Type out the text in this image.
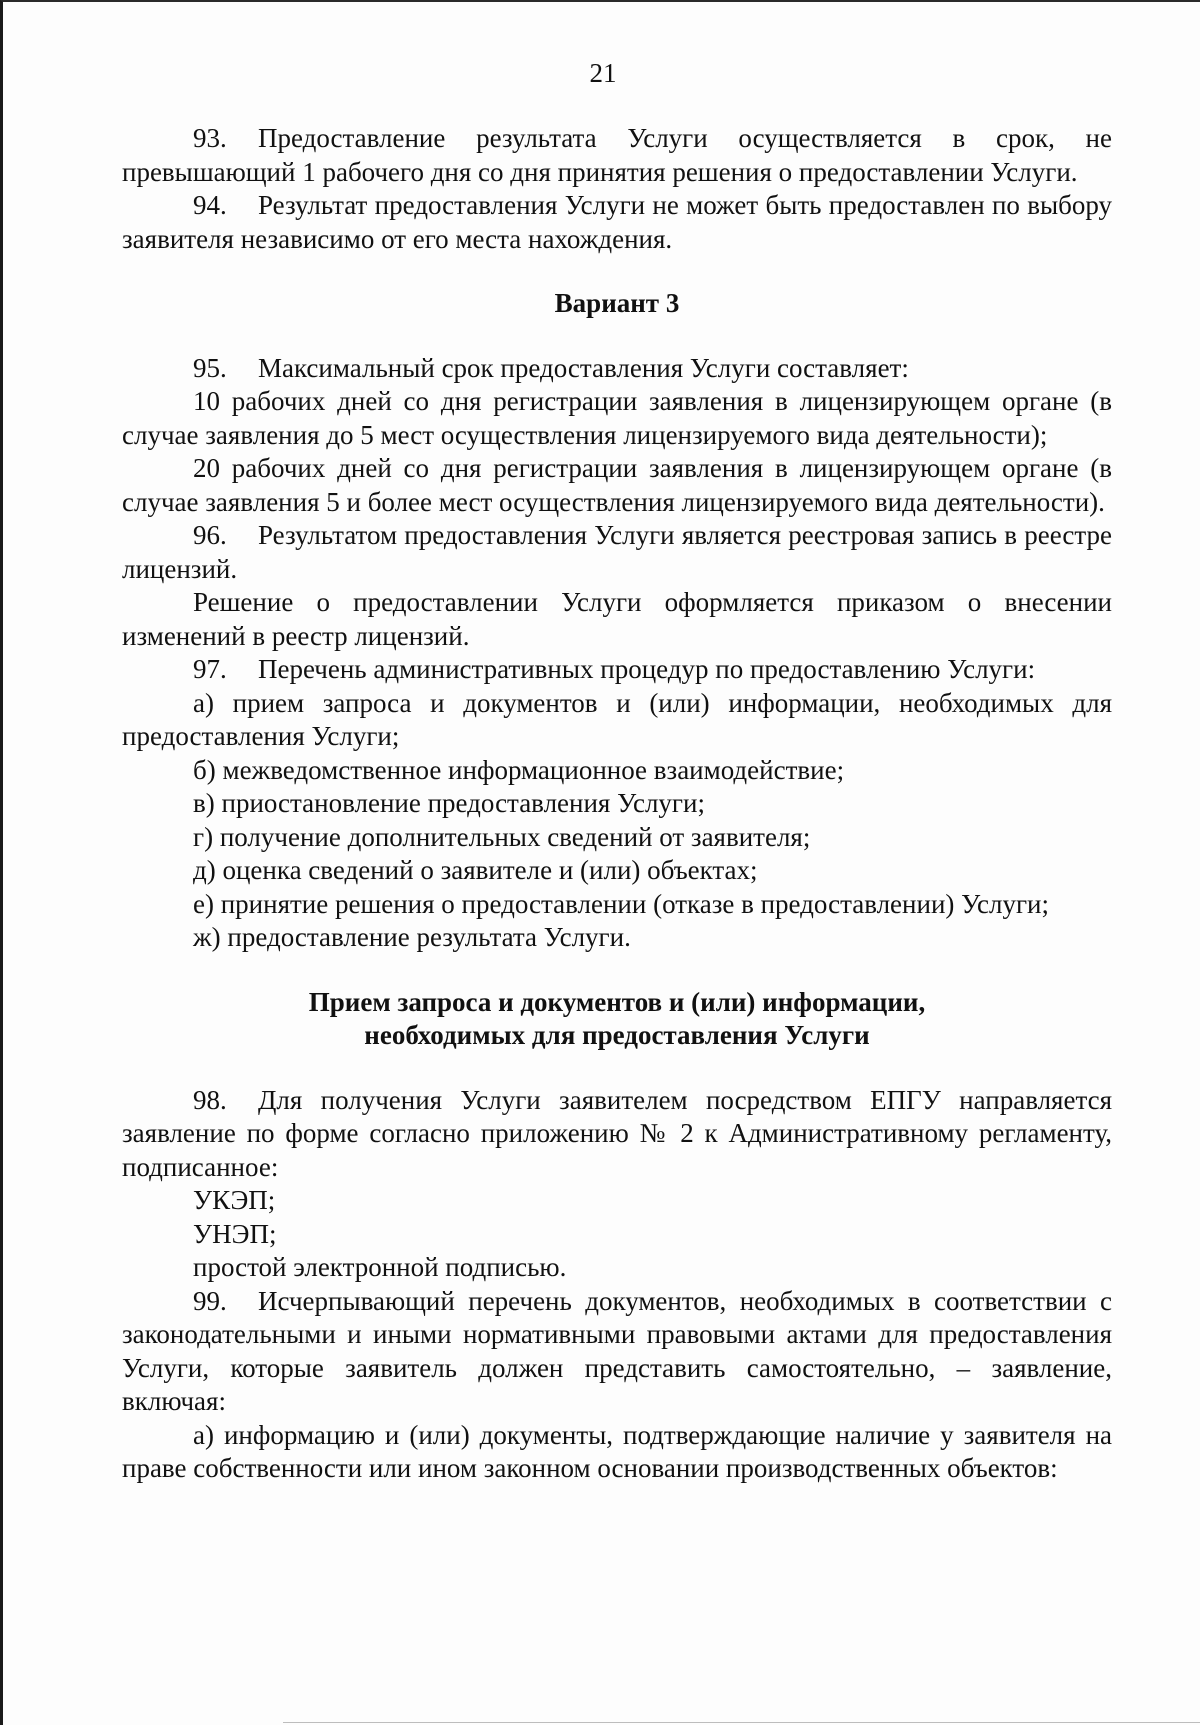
21

93. Предоставление результата Услуги осуществляется в срок, не превышающий 1 рабочего дня со дня принятия решения о предоставлении Услуги.

94. Результат предоставления Услуги не может быть предоставлен по выбору заявителя независимо от его места нахождения.

Вариант 3

95. Максимальный срок предоставления Услуги составляет:

10 рабочих дней со дня регистрации заявления в лицензирующем органе (в случае заявления до 5 мест осуществления лицензируемого вида деятельности);

20 рабочих дней со дня регистрации заявления в лицензирующем органе (в случае заявления 5 и более мест осуществления лицензируемого вида деятельности).

96. Результатом предоставления Услуги является реестровая запись в реестре лицензий.

Решение о предоставлении Услуги оформляется приказом о внесении изменений в реестр лицензий.

97. Перечень административных процедур по предоставлению Услуги:

а) прием запроса и документов и (или) информации, необходимых для предоставления Услуги;

б) межведомственное информационное взаимодействие;

в) приостановление предоставления Услуги;

г) получение дополнительных сведений от заявителя;

д) оценка сведений о заявителе и (или) объектах;

е) принятие решения о предоставлении (отказе в предоставлении) Услуги;

ж) предоставление результата Услуги.

Прием запроса и документов и (или) информации,
необходимых для предоставления Услуги

98. Для получения Услуги заявителем посредством ЕПГУ направляется заявление по форме согласно приложению № 2 к Административному регламенту, подписанное:

УКЭП;

УНЭП;

простой электронной подписью.

99. Исчерпывающий перечень документов, необходимых в соответствии с законодательными и иными нормативными правовыми актами для предоставления Услуги, которые заявитель должен представить самостоятельно, – заявление, включая:

а) информацию и (или) документы, подтверждающие наличие у заявителя на праве собственности или ином законном основании производственных объектов:
